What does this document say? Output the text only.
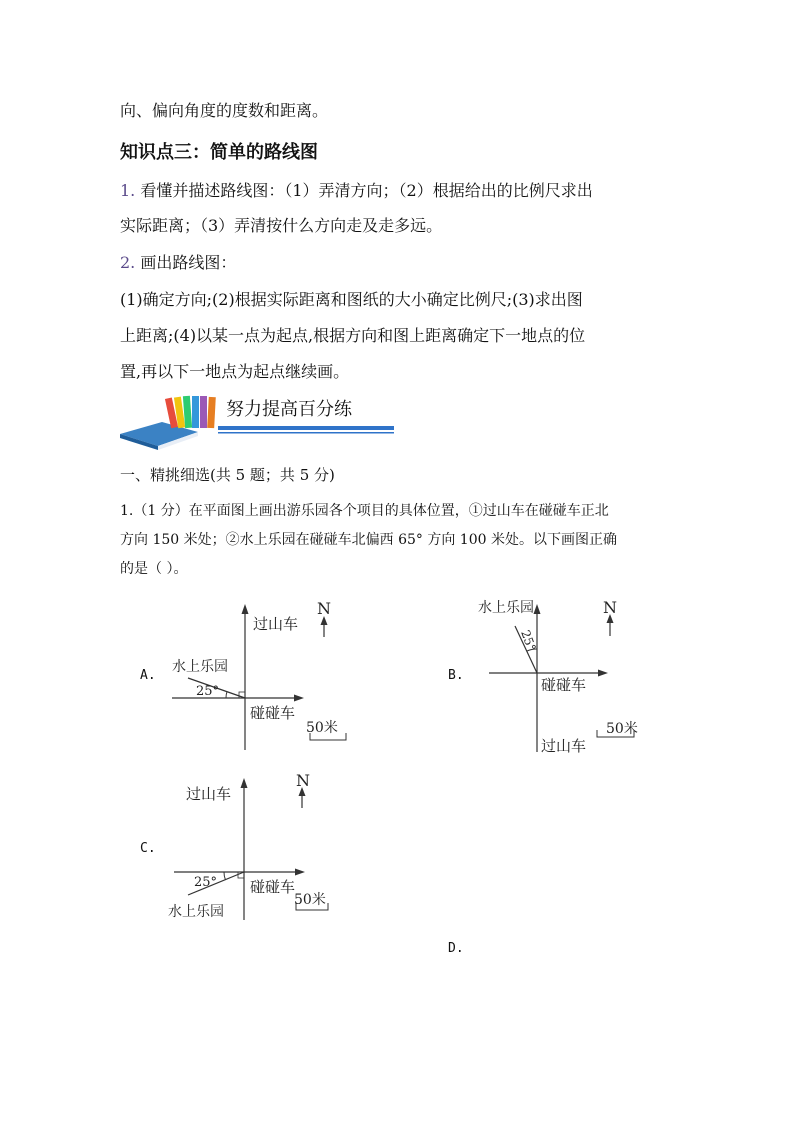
向、偏向角度的度数和距离。
知识点三：简单的路线图
1. 看懂并描述路线图：（1）弄清方向；（2）根据给出的比例尺求出
实际距离；（3）弄清按什么方向走及走多远。
2. 画出路线图：
(1)确定方向;(2)根据实际距离和图纸的大小确定比例尺;(3)求出图
上距离;(4)以某一点为起点,根据方向和图上距离确定下一地点的位
置,再以下一地点为起点继续画。
努力提高百分练
一、精挑细选(共 5 题；共 5 分)
1.（1 分）在平面图上画出游乐园各个项目的具体位置，①过山车在碰碰车正北
方向 150 米处；②水上乐园在碰碰车北偏西 65° 方向 100 米处。以下画图正确
的是（ ）。
A.
N
过山车
水上乐园
25°
碰碰车
50米
B.
N
水上乐园
25°
碰碰车
过山车
50米
C.
N
过山车
25° 碰碰车
水上乐园
50米
D.
